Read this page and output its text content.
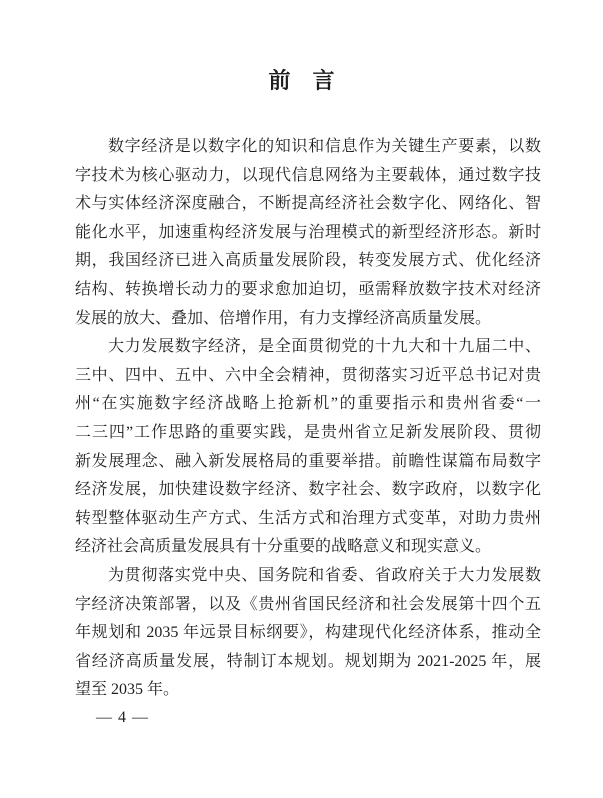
前　言
数字经济是以数字化的知识和信息作为关键生产要素，以数
字技术为核心驱动力，以现代信息网络为主要载体，通过数字技
术与实体经济深度融合，不断提高经济社会数字化、网络化、智
能化水平，加速重构经济发展与治理模式的新型经济形态。新时
期，我国经济已进入高质量发展阶段，转变发展方式、优化经济
结构、转换增长动力的要求愈加迫切，亟需释放数字技术对经济
发展的放大、叠加、倍增作用，有力支撑经济高质量发展。
大力发展数字经济，是全面贯彻党的十九大和十九届二中、
三中、四中、五中、六中全会精神，贯彻落实习近平总书记对贵
州“在实施数字经济战略上抢新机”的重要指示和贵州省委“一
二三四”工作思路的重要实践，是贵州省立足新发展阶段、贯彻
新发展理念、融入新发展格局的重要举措。前瞻性谋篇布局数字
经济发展，加快建设数字经济、数字社会、数字政府，以数字化
转型整体驱动生产方式、生活方式和治理方式变革，对助力贵州
经济社会高质量发展具有十分重要的战略意义和现实意义。
为贯彻落实党中央、国务院和省委、省政府关于大力发展数
字经济决策部署，以及《贵州省国民经济和社会发展第十四个五
年规划和 2035 年远景目标纲要》，构建现代化经济体系，推动全
省经济高质量发展，特制订本规划。规划期为 2021-2025 年，展
望至 2035 年。
— 4 —
